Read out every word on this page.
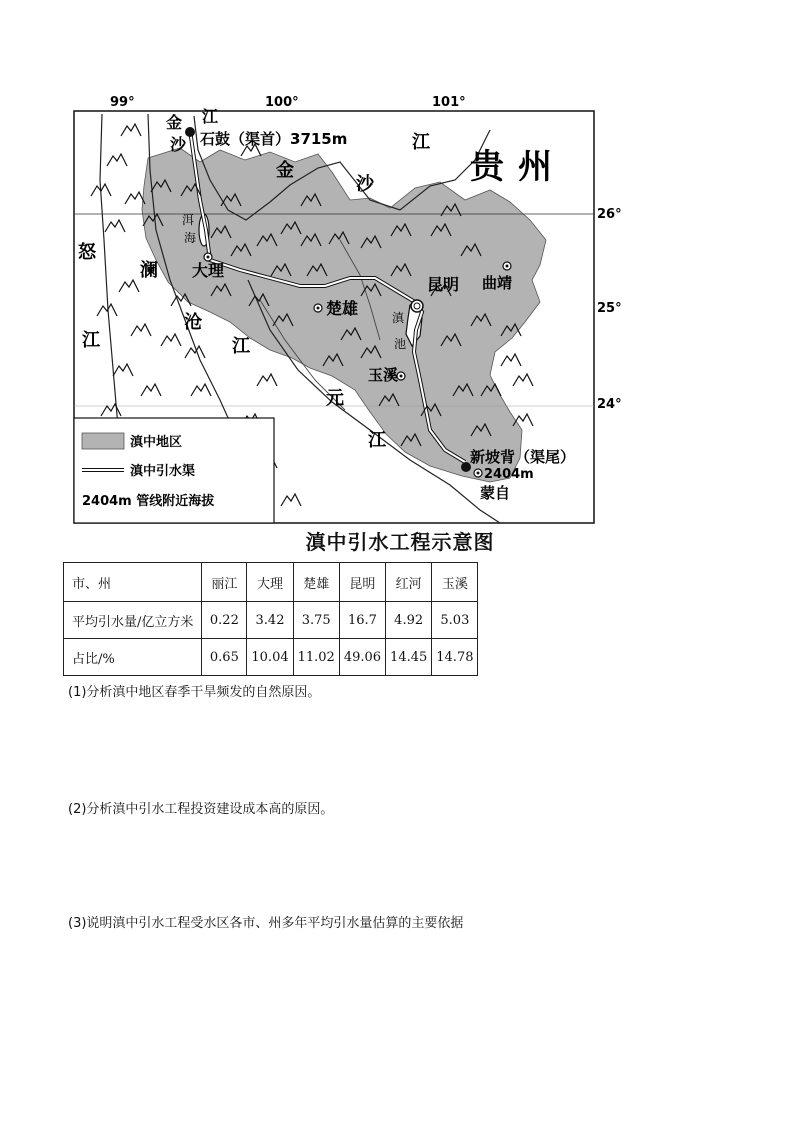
99°	100°	101°
26°
25°
24°
贵州
金
沙
江
金
沙
江
怒
江
澜
沧
江
元
江
洱
海
滇
池
石鼓（渠首）3715m
大理
楚雄
昆明 曲靖
玉溪
新坡背（渠尾）
2404m
蒙自
滇中地区
滇中引水渠
2404m 管线附近海拔
滇中引水工程示意图
市、州	丽江	大理	楚雄	昆明	红河	玉溪
平均引水量/亿立方米	0.22	3.42	3.75	16.7	4.92	5.03
占比/%	0.65	10.04	11.02	49.06	14.45	14.78
(1)分析滇中地区春季干旱频发的自然原因。
(2)分析滇中引水工程投资建设成本高的原因。
(3)说明滇中引水工程受水区各市、州多年平均引水量估算的主要依据
